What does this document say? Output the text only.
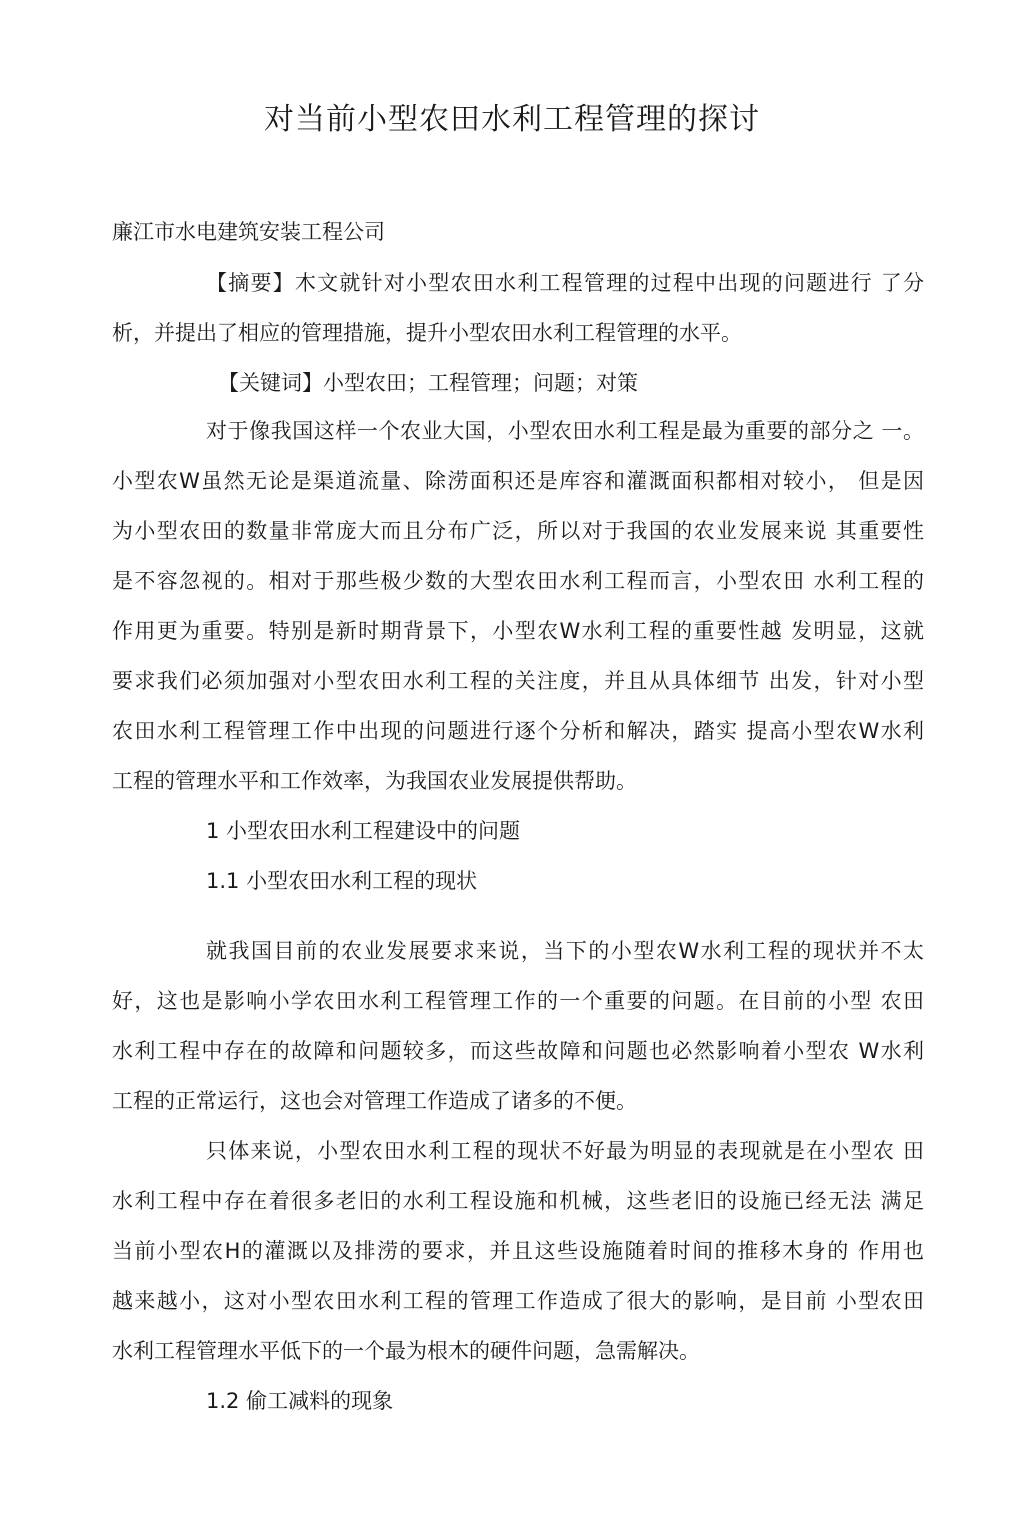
对当前小型农田水利工程管理的探讨
廉江市水电建筑安装工程公司
【摘要】木文就针对小型农田水利工程管理的过程中出现的问题进行 了分
析，并提出了相应的管理措施，提升小型农田水利工程管理的水平。
【关键词】小型农田；工程管理；问题；对策
对于像我国这样一个农业大国，小型农田水利工程是最为重要的部分之 一。
小型农W虽然无论是渠道流量、除涝面积还是库容和灌溉面积都相对较小， 但是因
为小型农田的数量非常庞大而且分布广泛，所以对于我国的农业发展来说 其重要性
是不容忽视的。相对于那些极少数的大型农田水利工程而言，小型农田 水利工程的
作用更为重要。特别是新时期背景下，小型农W水利工程的重要性越 发明显，这就
要求我们必须加强对小型农田水利工程的关注度，并且从具体细节 出发，针对小型
农田水利工程管理工作中出现的问题进行逐个分析和解决，踏实 提高小型农W水利
工程的管理水平和工作效率，为我国农业发展提供帮助。
1 小型农田水利工程建设中的问题
1.1 小型农田水利工程的现状
就我国目前的农业发展要求来说，当下的小型农W水利工程的现状并不太
好，这也是影响小学农田水利工程管理工作的一个重要的问题。在目前的小型 农田
水利工程中存在的故障和问题较多，而这些故障和问题也必然影响着小型农 W水利
工程的正常运行，这也会对管理工作造成了诸多的不便。
只体来说，小型农田水利工程的现状不好最为明显的表现就是在小型农 田
水利工程中存在着很多老旧的水利工程设施和机械，这些老旧的设施已经无法 满足
当前小型农H的灌溉以及排涝的要求，并且这些设施随着时间的推移木身的 作用也
越来越小，这对小型农田水利工程的管理工作造成了很大的影响，是目前 小型农田
水利工程管理水平低下的一个最为根木的硬件问题，急需解决。
1.2 偷工减料的现象
